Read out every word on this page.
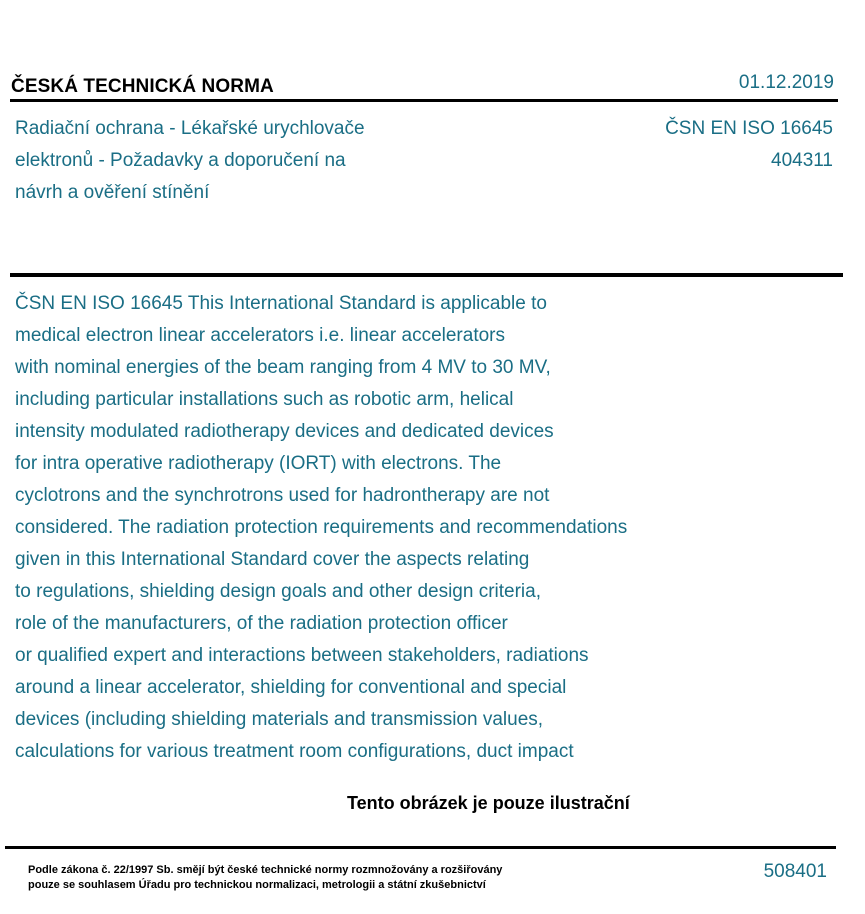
ČESKÁ TECHNICKÁ NORMA	01.12.2019
Radiační ochrana - Lékařské urychlovače
elektronů - Požadavky a doporučení na
návrh a ověření stínění
ČSN EN ISO 16645
404311
ČSN EN ISO 16645 This International Standard is applicable to
medical electron linear accelerators i.e. linear accelerators
with nominal energies of the beam ranging from 4 MV to 30 MV,
including particular installations such as robotic arm, helical
intensity modulated radiotherapy devices and dedicated devices
for intra operative radiotherapy (IORT) with electrons. The
cyclotrons and the synchrotrons used for hadrontherapy are not
considered. The radiation protection requirements and recommendations
given in this International Standard cover the aspects relating
to regulations, shielding design goals and other design criteria,
role of the manufacturers, of the radiation protection officer
or qualified expert and interactions between stakeholders, radiations
around a linear accelerator, shielding for conventional and special
devices (including shielding materials and transmission values,
calculations for various treatment room configurations, duct impact
Tento obrázek je pouze ilustrační
Podle zákona č. 22/1997 Sb. smějí být české technické normy rozmnožovány a rozšiřovány
pouze se souhlasem Úřadu pro technickou normalizaci, metrologii a státní zkušebnictví
508401
